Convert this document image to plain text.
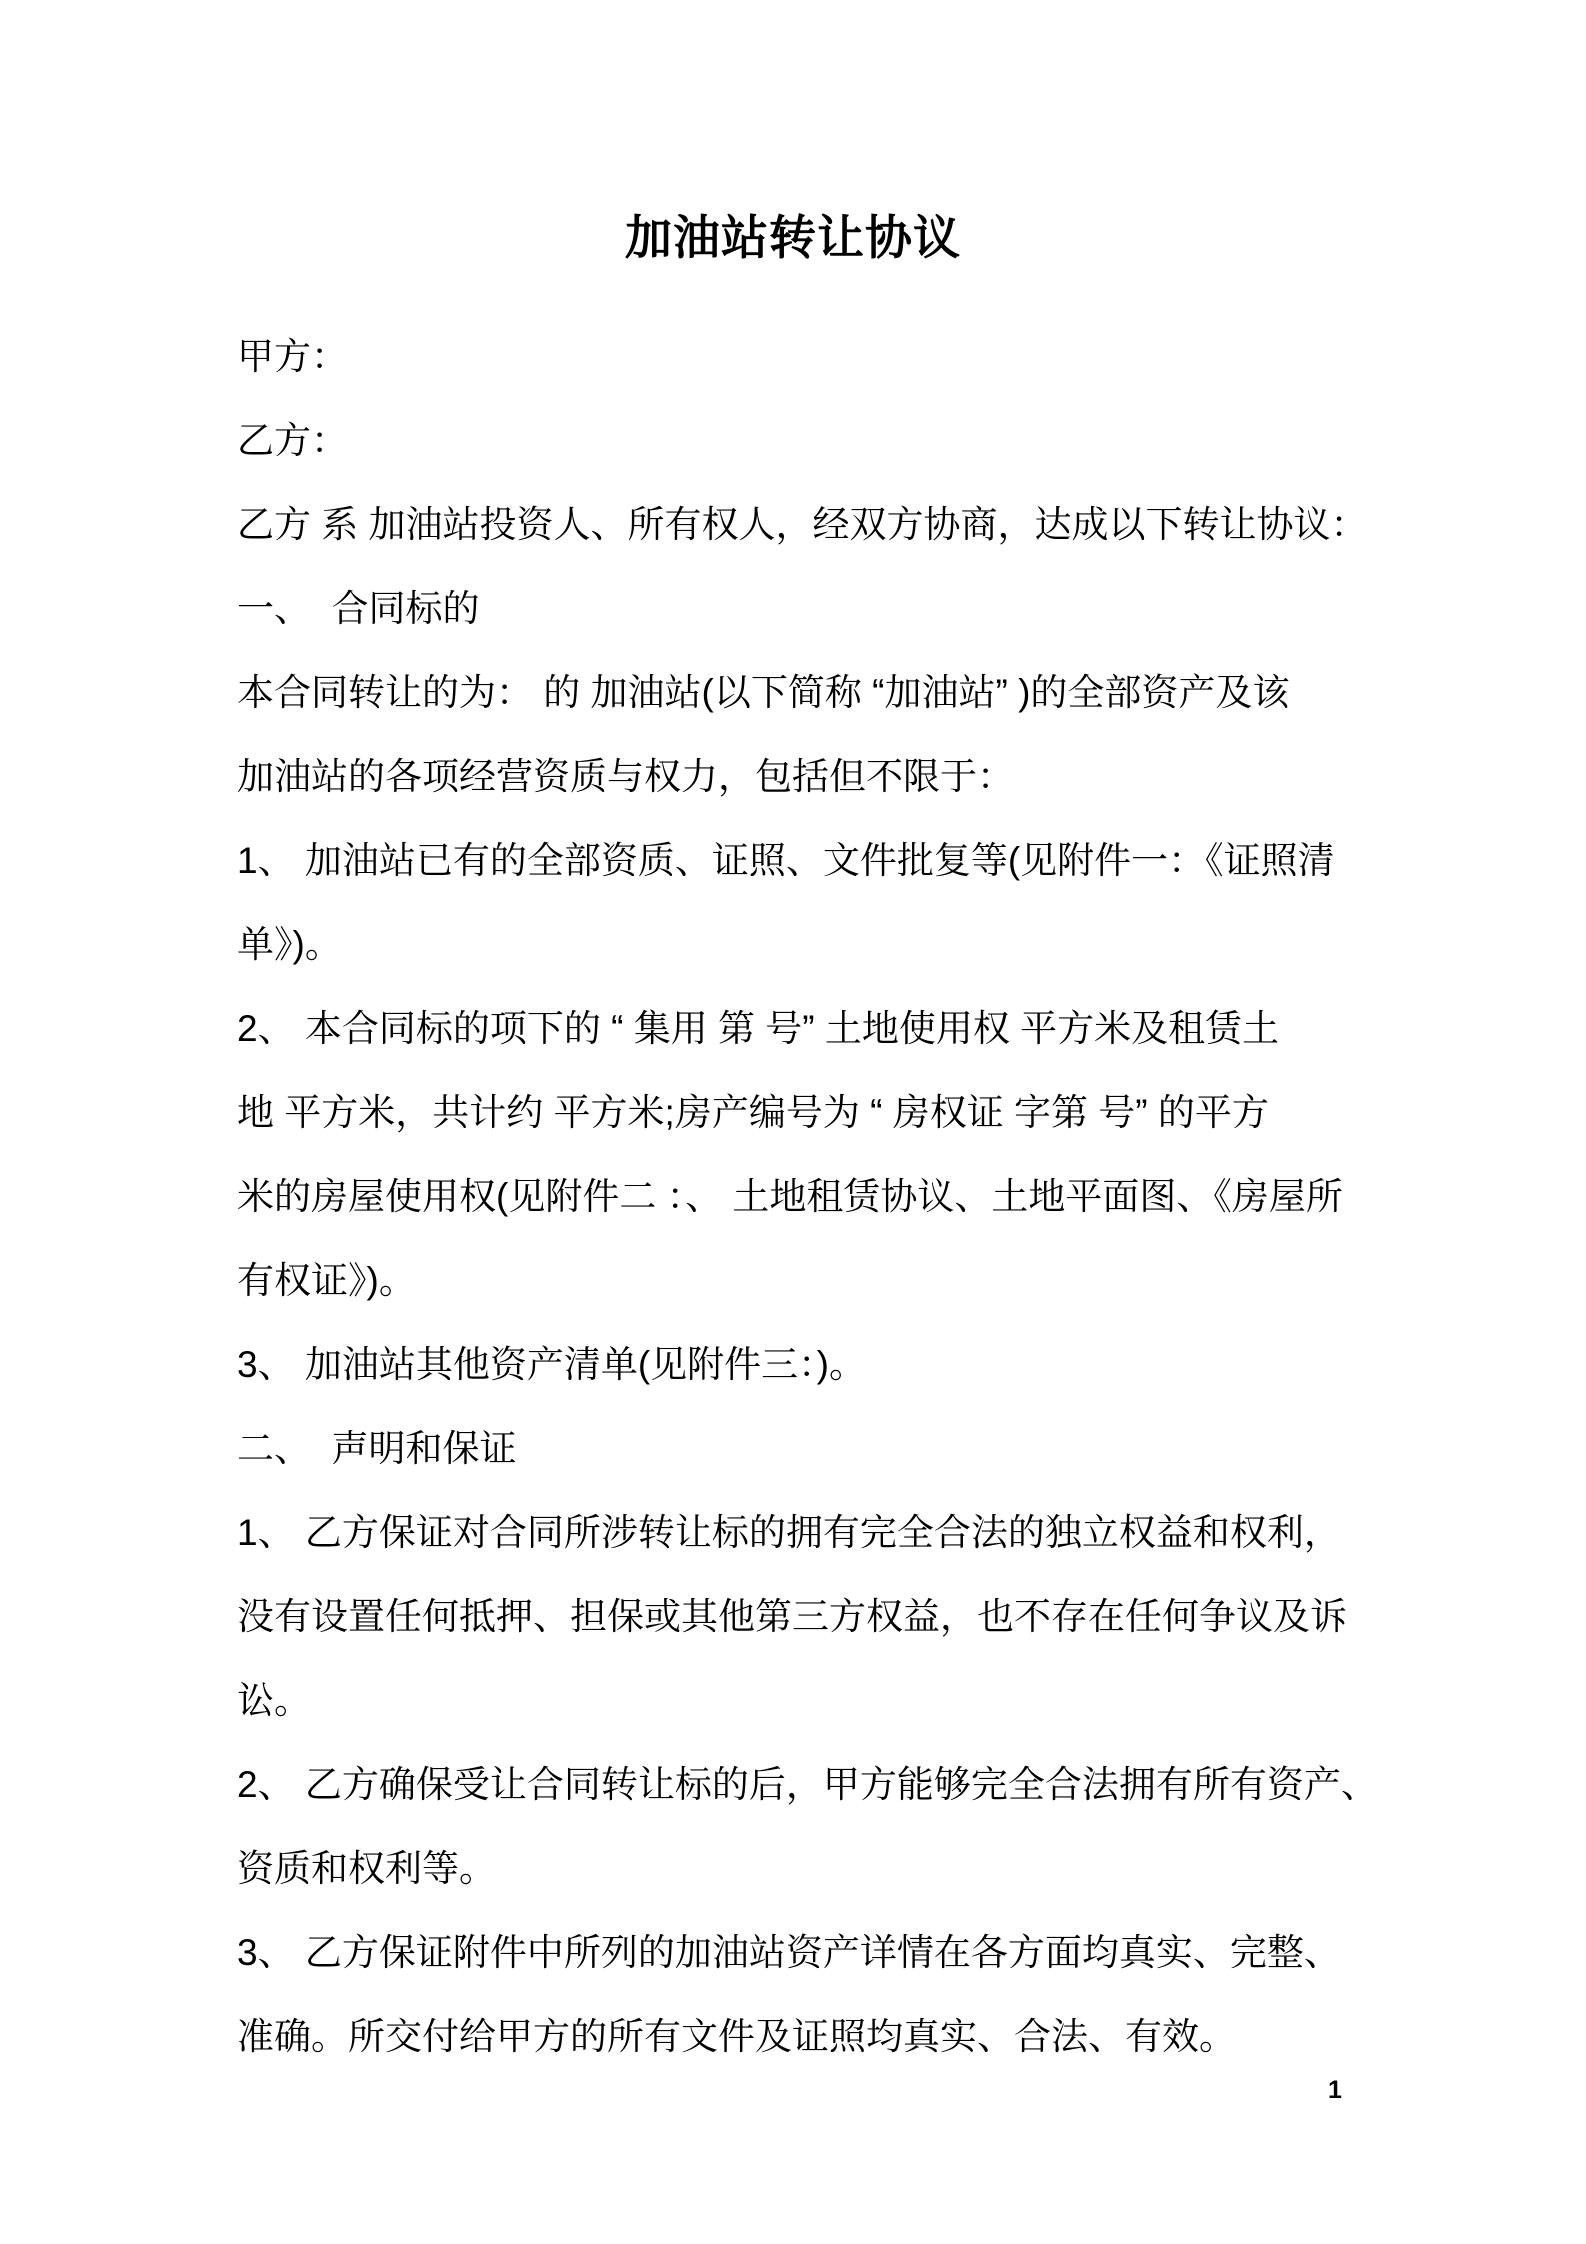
加油站转让协议
甲方：
乙方：
乙方 系 加油站投资人、所有权人，经双方协商，达成以下转让协议：
一、  合同标的
本合同转让的为： 的 加油站(以下简称 “加油站” )的全部资产及该
加油站的各项经营资质与权力，包括但不限于：
1、 加油站已有的全部资质、证照、文件批复等(见附件一：《证照清
单》)。
2、 本合同标的项下的 “ 集用 第 号” 土地使用权 平方米及租赁土
地 平方米，共计约 平方米;房产编号为 “ 房权证 字第 号” 的平方
米的房屋使用权(见附件二 ：、 土地租赁协议、土地平面图、《房屋所
有权证》)。
3、 加油站其他资产清单(见附件三：)。
二、  声明和保证
1、 乙方保证对合同所涉转让标的拥有完全合法的独立权益和权利，
没有设置任何抵押、担保或其他第三方权益，也不存在任何争议及诉
讼。
2、 乙方确保受让合同转让标的后，甲方能够完全合法拥有所有资产、
资质和权利等。
3、 乙方保证附件中所列的加油站资产详情在各方面均真实、完整、
准确。所交付给甲方的所有文件及证照均真实、合法、有效。
1
